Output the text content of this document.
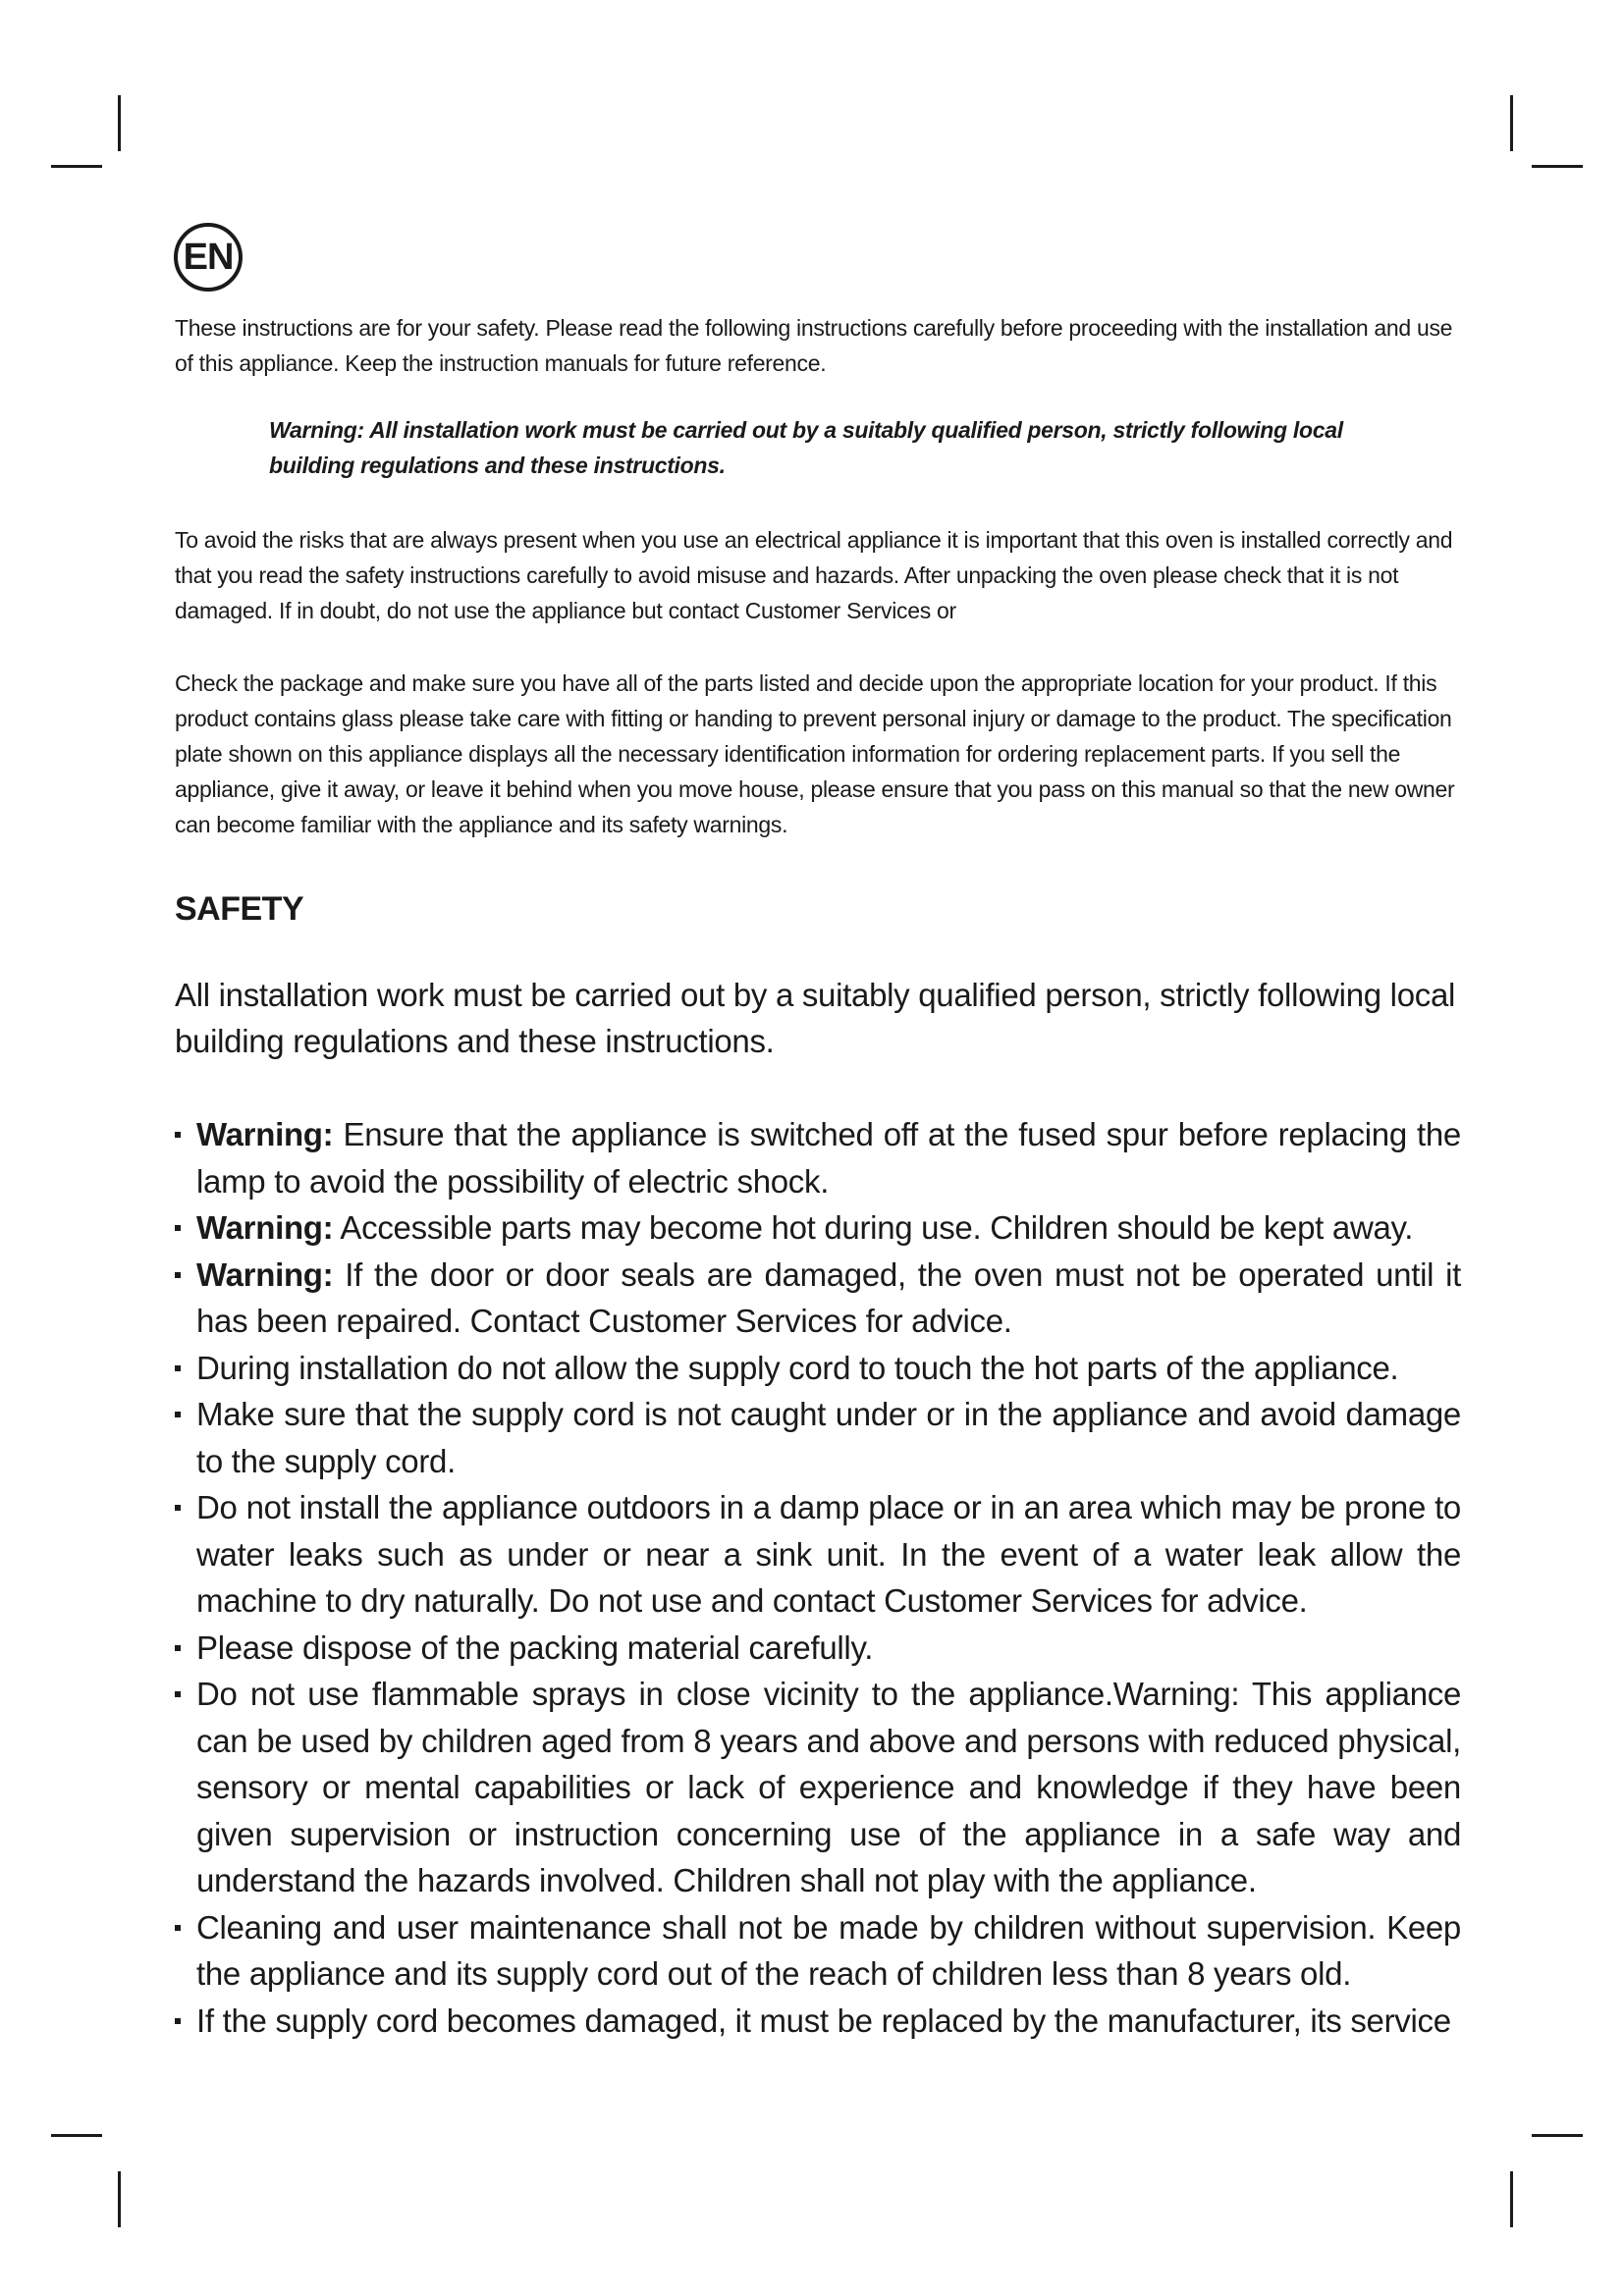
EN

These instructions are for your safety. Please read the following instructions carefully before proceeding with the installation and use of this appliance. Keep the instruction manuals for future reference.

Warning: All installation work must be carried out by a suitably qualified person, strictly following local building regulations and these instructions.

To avoid the risks that are always present when you use an electrical appliance it is important that this oven is installed correctly and that you read the safety instructions carefully to avoid misuse and hazards. After unpacking the oven please check that it is not damaged. If in doubt, do not use the appliance but contact Customer Services or

Check the package and make sure you have all of the parts listed and decide upon the appropriate location for your product. If this product contains glass please take care with fitting or handing to prevent personal injury or damage to the product. The specification plate shown on this appliance displays all the necessary identification information for ordering replacement parts. If you sell the appliance, give it away, or leave it behind when you move house, please ensure that you pass on this manual so that the new owner can become familiar with the appliance and its safety warnings.

SAFETY

All installation work must be carried out by a suitably qualified person, strictly following local building regulations and these instructions.

Warning: Ensure that the appliance is switched off at the fused spur before replacing the lamp to avoid the possibility of electric shock.
Warning: Accessible parts may become hot during use. Children should be kept away.
Warning: If the door or door seals are damaged, the oven must not be operated until it has been repaired. Contact Customer Services for advice.
During installation do not allow the supply cord to touch the hot parts of the appliance.
Make sure that the supply cord is not caught under or in the appliance and avoid damage to the supply cord.
Do not install the appliance outdoors in a damp place or in an area which may be prone to water leaks such as under or near a sink unit. In the event of a water leak allow the machine to dry naturally. Do not use and contact Customer Services for advice.
Please dispose of the packing material carefully.
Do not use flammable sprays in close vicinity to the appliance.Warning: This appliance can be used by children aged from 8 years and above and persons with reduced physical, sensory or mental capabilities or lack of experience and knowledge if they have been given supervision or instruction concerning use of the appliance in a safe way and understand the hazards involved. Children shall not play with the appliance.
Cleaning and user maintenance shall not be made by children without supervision. Keep the appliance and its supply cord out of the reach of children less than 8 years old.
If the supply cord becomes damaged, it must be replaced by the manufacturer, its service
